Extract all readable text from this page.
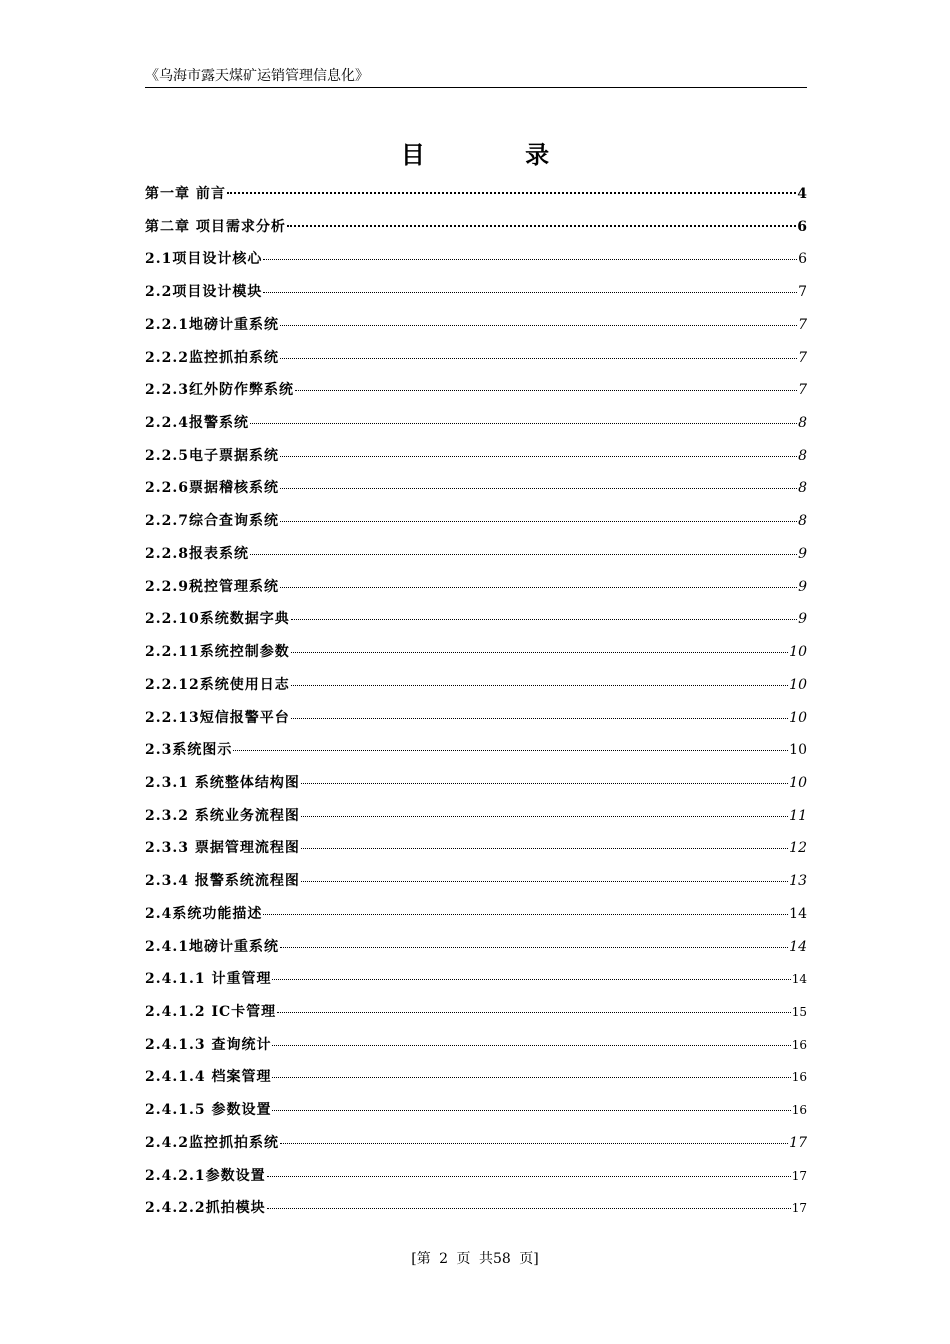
《乌海市露天煤矿运销管理信息化》
目 录
第一章 前言	4
第二章 项目需求分析	6
2.1项目设计核心	6
2.2项目设计模块	7
2.2.1地磅计重系统	7
2.2.2监控抓拍系统	7
2.2.3红外防作弊系统	7
2.2.4报警系统	8
2.2.5电子票据系统	8
2.2.6票据稽核系统	8
2.2.7综合查询系统	8
2.2.8报表系统	9
2.2.9税控管理系统	9
2.2.10系统数据字典	9
2.2.11系统控制参数	10
2.2.12系统使用日志	10
2.2.13短信报警平台	10
2.3系统图示	10
2.3.1 系统整体结构图	10
2.3.2 系统业务流程图	11
2.3.3 票据管理流程图	12
2.3.4 报警系统流程图	13
2.4系统功能描述	14
2.4.1地磅计重系统	14
2.4.1.1 计重管理	14
2.4.1.2 IC卡管理	15
2.4.1.3 查询统计	16
2.4.1.4 档案管理	16
2.4.1.5 参数设置	16
2.4.2监控抓拍系统	17
2.4.2.1参数设置	17
2.4.2.2抓拍模块	17
[第 2 页 共58 页]
